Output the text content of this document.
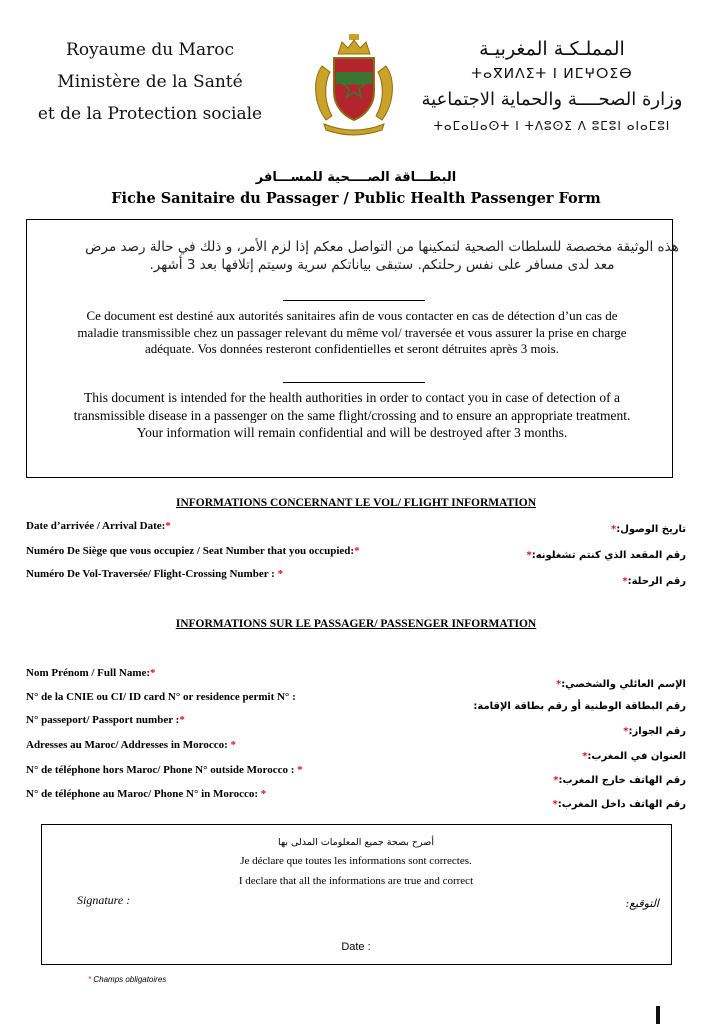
Royaume du Maroc
Ministère de la Santé
et de la Protection sociale
المملـكـة المغربيـة
ⵜⴰⴳⵍⴷⵉⵜ ⵏ ⵍⵎⵖⵔⵉⴱ
وزارة الصحــــة والحماية الاجتماعية
ⵜⴰⵎⴰⵡⴰⵙⵜ ⵏ ⵜⴷⵓⵙⵉ ⴷ ⵓⵎⵓⵏ ⴰⵏⴰⵎⵓⵏ
البطـــاقة الصــــحية للمســـافر
Fiche Sanitaire du Passager / Public Health Passenger Form
هذه الوثيقة مخصصة للسلطات الصحية لتمكينها من التواصل معكم إذا لزم الأمر، و ذلك في حالة رصد مرض معد لدى مسافر على نفس رحلتكم. ستبقى بياناتكم سرية وسيتم إتلافها بعد 3 أشهر.
Ce document est destiné aux autorités sanitaires afin de vous contacter en cas de détection d’un cas de maladie transmissible chez un passager relevant du même vol/ traversée et vous assurer la prise en charge adéquate. Vos données resteront confidentielles et seront détruites après 3 mois.
This document is intended for the health authorities in order to contact you in case of detection of a transmissible disease in a passenger on the same flight/crossing and to ensure an appropriate treatment. Your information will remain confidential and will be destroyed after 3 months.
INFORMATIONS CONCERNANT LE VOL/ FLIGHT INFORMATION
Date d’arrivée / Arrival Date:*	تاريخ الوصول:*
Numéro De Siège que vous occupiez / Seat Number that you occupied:*	رقم المقعد الذي كنتم تشغلونه:*
Numéro De Vol-Traversée/ Flight-Crossing Number : *
رقم الرحلة:*
INFORMATIONS SUR LE PASSAGER/ PASSENGER INFORMATION
Nom Prénom / Full Name:*
الإسم العائلي والشخصي:*
N° de la CNIE ou CI/ ID card N° or residence permit N° :
رقم البطاقة الوطنية أو رقم بطاقة الإقامة:
N° passeport/ Passport number :*
رقم الجواز:*
Adresses au Maroc/ Addresses in Morocco: *
العنوان في المغرب:*
N° de téléphone hors Maroc/ Phone N° outside Morocco : *
رقم الهاتف خارج المغرب:*
N° de téléphone au Maroc/ Phone N° in Morocco: *
رقم الهاتف داخل المغرب:*
أصرح بصحة جميع المعلومات المدلى بها
Je déclare que toutes les informations sont correctes.
I declare that all the informations are true and correct
Signature :	التوقيع:
Date :
* Champs obligatoires
